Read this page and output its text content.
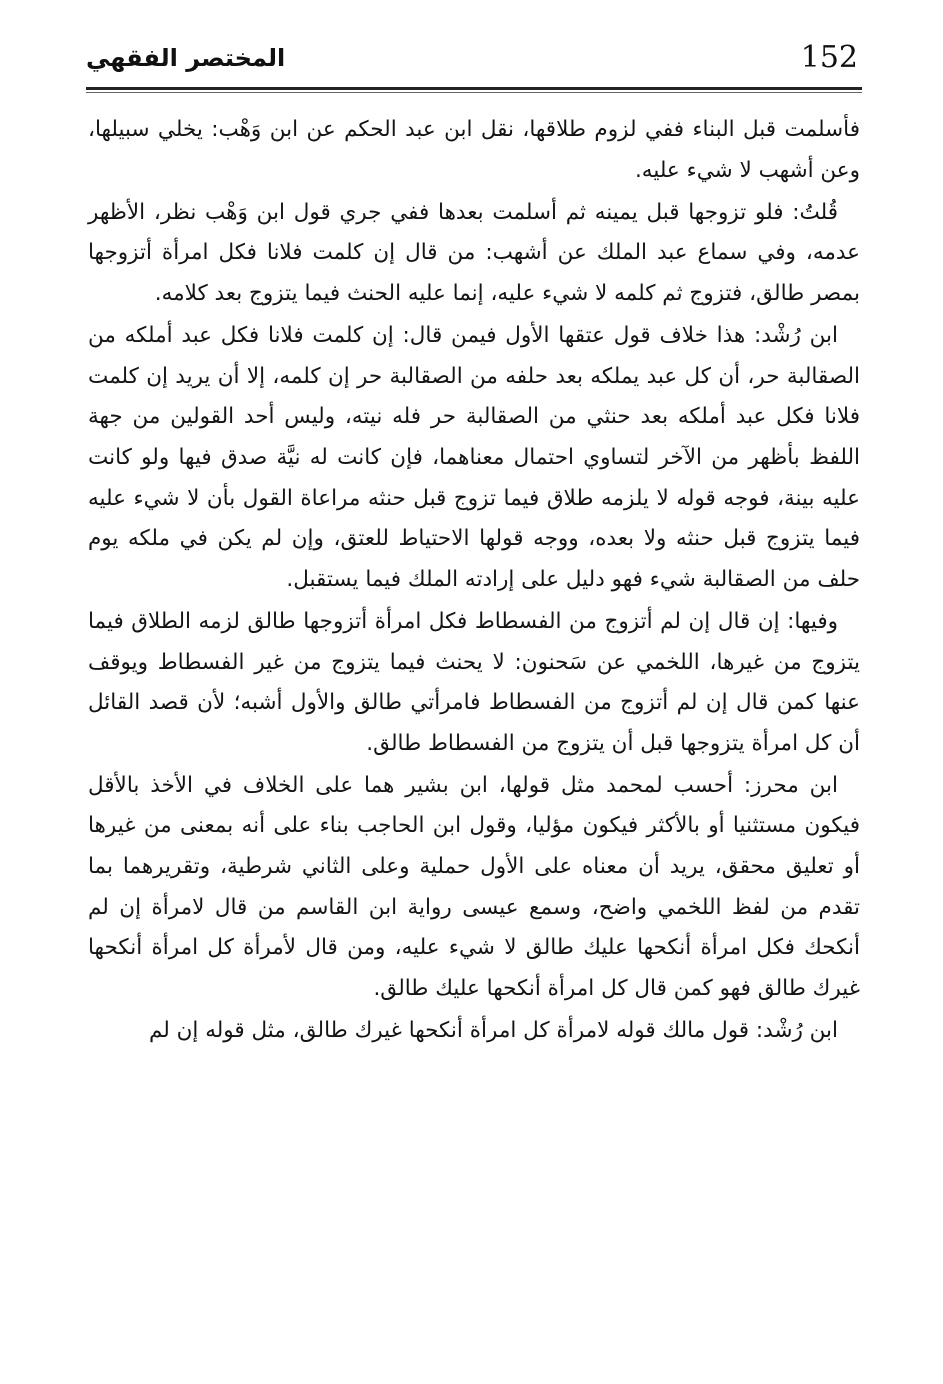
152
المختصر الفقهي

فأسلمت قبل البناء ففي لزوم طلاقها، نقل ابن عبد الحكم عن ابن وَهْب: يخلي سبيلها، وعن أشهب لا شيء عليه.

قُلتُ: فلو تزوجها قبل يمينه ثم أسلمت بعدها ففي جري قول ابن وَهْب نظر، الأظهر عدمه، وفي سماع عبد الملك عن أشهب: من قال إن كلمت فلانا فكل امرأة أتزوجها بمصر طالق، فتزوج ثم كلمه لا شيء عليه، إنما عليه الحنث فيما يتزوج بعد كلامه.

ابن رُشْد: هذا خلاف قول عتقها الأول فيمن قال: إن كلمت فلانا فكل عبد أملكه من الصقالبة حر، أن كل عبد يملكه بعد حلفه من الصقالبة حر إن كلمه، إلا أن يريد إن كلمت فلانا فكل عبد أملكه بعد حنثي من الصقالبة حر فله نيته، وليس أحد القولين من جهة اللفظ بأظهر من الآخر لتساوي احتمال معناهما، فإن كانت له نيَّة صدق فيها ولو كانت عليه بينة، فوجه قوله لا يلزمه طلاق فيما تزوج قبل حنثه مراعاة القول بأن لا شيء عليه فيما يتزوج قبل حنثه ولا بعده، ووجه قولها الاحتياط للعتق، وإن لم يكن في ملكه يوم حلف من الصقالبة شيء فهو دليل على إرادته الملك فيما يستقبل.

وفيها: إن قال إن لم أتزوج من الفسطاط فكل امرأة أتزوجها طالق لزمه الطلاق فيما يتزوج من غيرها، اللخمي عن سَحنون: لا يحنث فيما يتزوج من غير الفسطاط ويوقف عنها كمن قال إن لم أتزوج من الفسطاط فامرأتي طالق والأول أشبه؛ لأن قصد القائل أن كل امرأة يتزوجها قبل أن يتزوج من الفسطاط طالق.

ابن محرز: أحسب لمحمد مثل قولها، ابن بشير هما على الخلاف في الأخذ بالأقل فيكون مستثنيا أو بالأكثر فيكون مؤليا، وقول ابن الحاجب بناء على أنه بمعنى من غيرها أو تعليق محقق، يريد أن معناه على الأول حملية وعلى الثاني شرطية، وتقريرهما بما تقدم من لفظ اللخمي واضح، وسمع عيسى رواية ابن القاسم من قال لامرأة إن لم أنكحك فكل امرأة أنكحها عليك طالق لا شيء عليه، ومن قال لأمرأة كل امرأة أنكحها غيرك طالق فهو كمن قال كل امرأة أنكحها عليك طالق.

ابن رُشْد: قول مالك قوله لامرأة كل امرأة أنكحها غيرك طالق، مثل قوله إن لم
